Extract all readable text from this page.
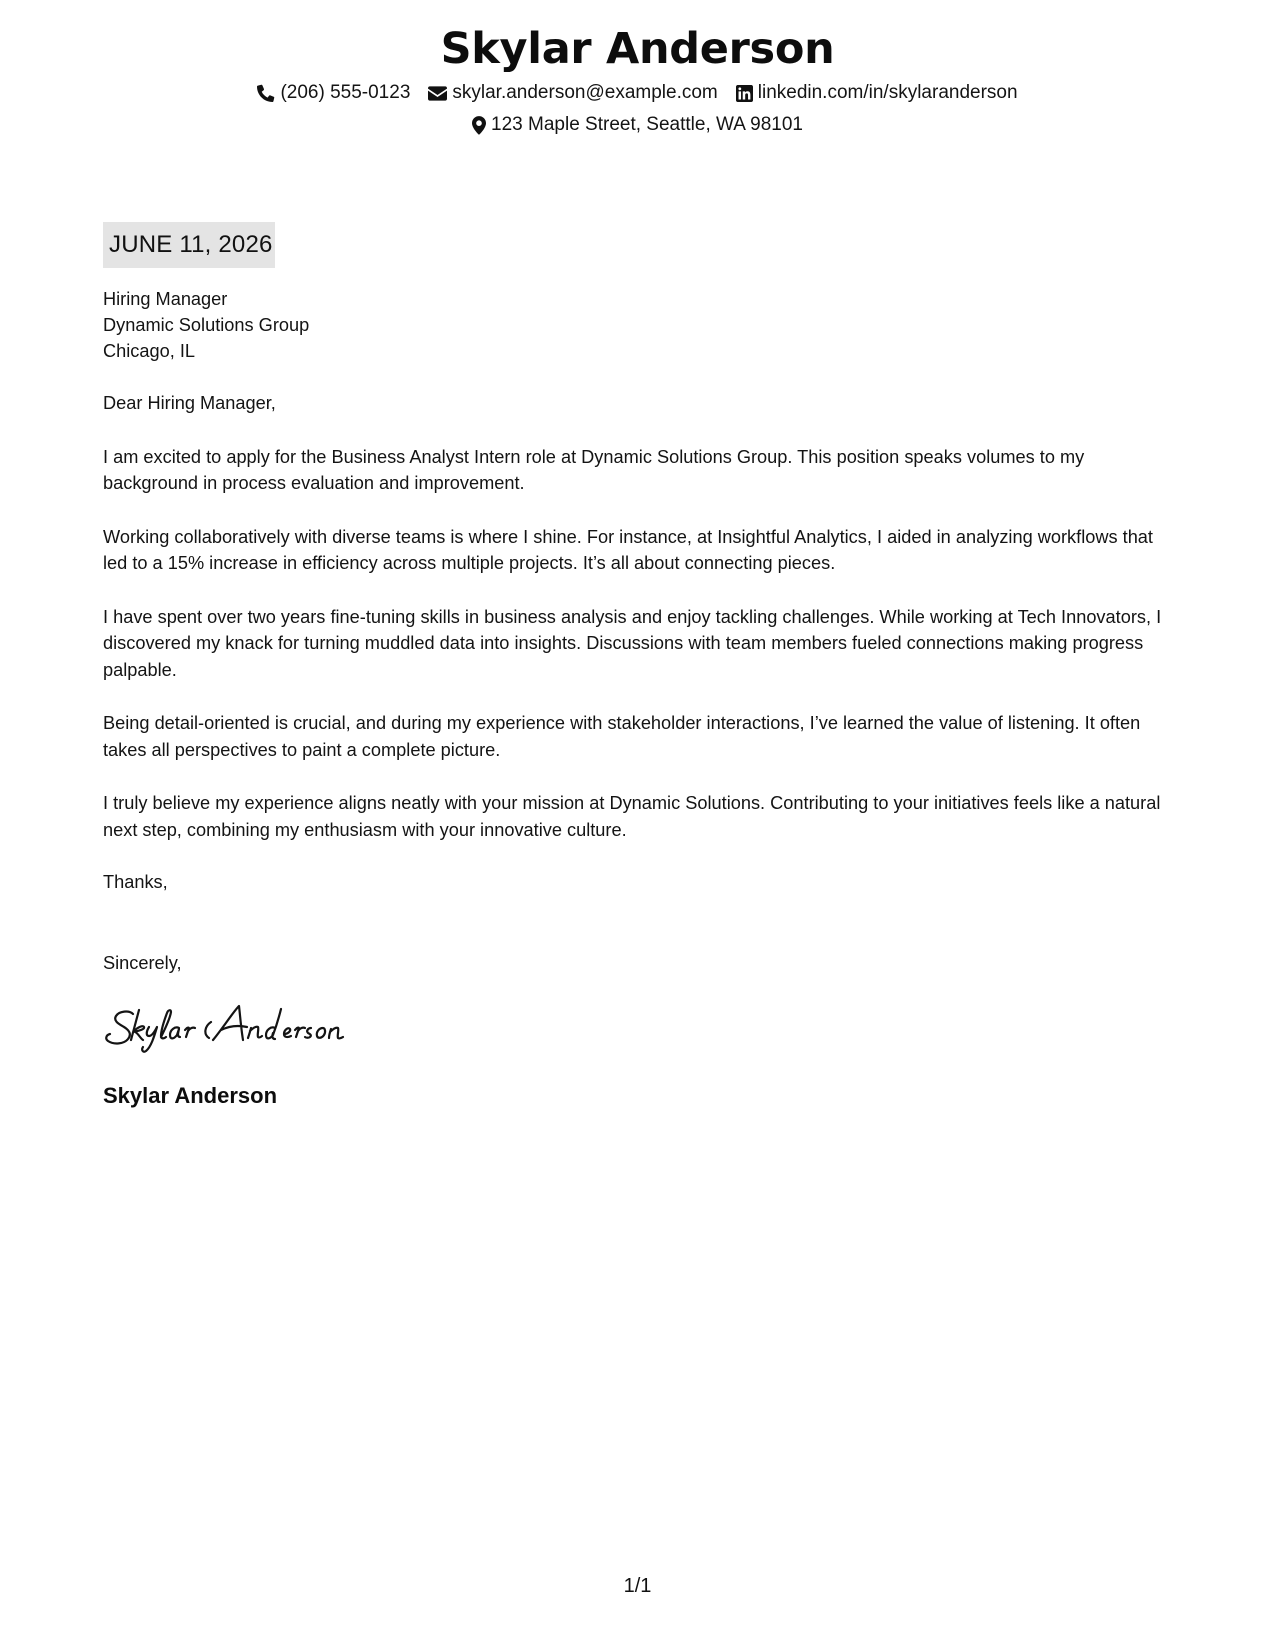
Skylar Anderson
(206) 555-0123 skylar.anderson@example.com linkedin.com/in/skylaranderson
123 Maple Street, Seattle, WA 98101
JUNE 11, 2026
Hiring Manager
Dynamic Solutions Group
Chicago, IL
Dear Hiring Manager,
I am excited to apply for the Business Analyst Intern role at Dynamic Solutions Group. This position speaks volumes to my background in process evaluation and improvement.
Working collaboratively with diverse teams is where I shine. For instance, at Insightful Analytics, I aided in analyzing workflows that led to a 15% increase in efficiency across multiple projects. It’s all about connecting pieces.
I have spent over two years fine-tuning skills in business analysis and enjoy tackling challenges. While working at Tech Innovators, I discovered my knack for turning muddled data into insights. Discussions with team members fueled connections making progress palpable.
Being detail-oriented is crucial, and during my experience with stakeholder interactions, I’ve learned the value of listening. It often takes all perspectives to paint a complete picture.
I truly believe my experience aligns neatly with your mission at Dynamic Solutions. Contributing to your initiatives feels like a natural next step, combining my enthusiasm with your innovative culture.
Thanks,
Sincerely,
Skylar Anderson
1/1
